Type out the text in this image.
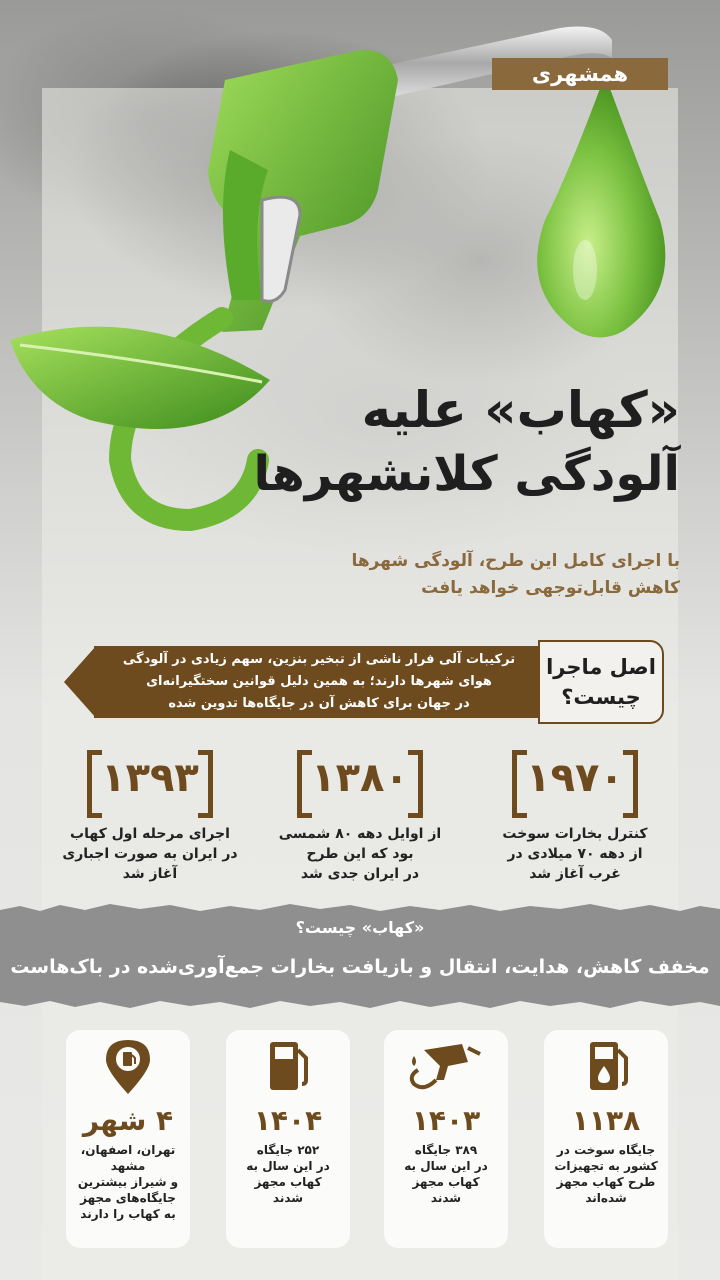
همشهری
«کهاب» علیه
آلودگی کلانشهرها
با اجرای کامل این طرح، آلودگی شهرها
کاهش قابل‌توجهی خواهد یافت
ترکیبات آلی فرار ناشی از تبخیر بنزین، سهم زیادی در آلودگی
هوای شهرها دارند؛ به همین دلیل قوانین سختگیرانه‌ای
در جهان برای کاهش آن در جایگاه‌ها تدوین شده
اصل ماجرا
چیست؟
۱۹۷۰
کنترل بخارات سوخت
از دهه ۷۰ میلادی در
غرب آغاز شد
۱۳۸۰
از اوایل دهه ۸۰ شمسی
بود که این طرح
در ایران جدی شد
۱۳۹۳
اجرای مرحله اول کهاب
در ایران به صورت اجباری
آغاز شد
«کهاب» چیست؟
مخفف کاهش، هدایت، انتقال و بازیافت بخارات جمع‌آوری‌شده در باک‌هاست
۱۱۳۸
جایگاه سوخت در
کشور به تجهیزات
طرح کهاب مجهز
شده‌اند
۱۴۰۳
۳۸۹ جایگاه
در این سال به
کهاب مجهز
شدند
۱۴۰۴
۲۵۲ جایگاه
در این سال به
کهاب مجهز
شدند
۴ شهر
تهران، اصفهان، مشهد
و شیراز بیشترین
جایگاه‌های مجهز
به کهاب را دارند
